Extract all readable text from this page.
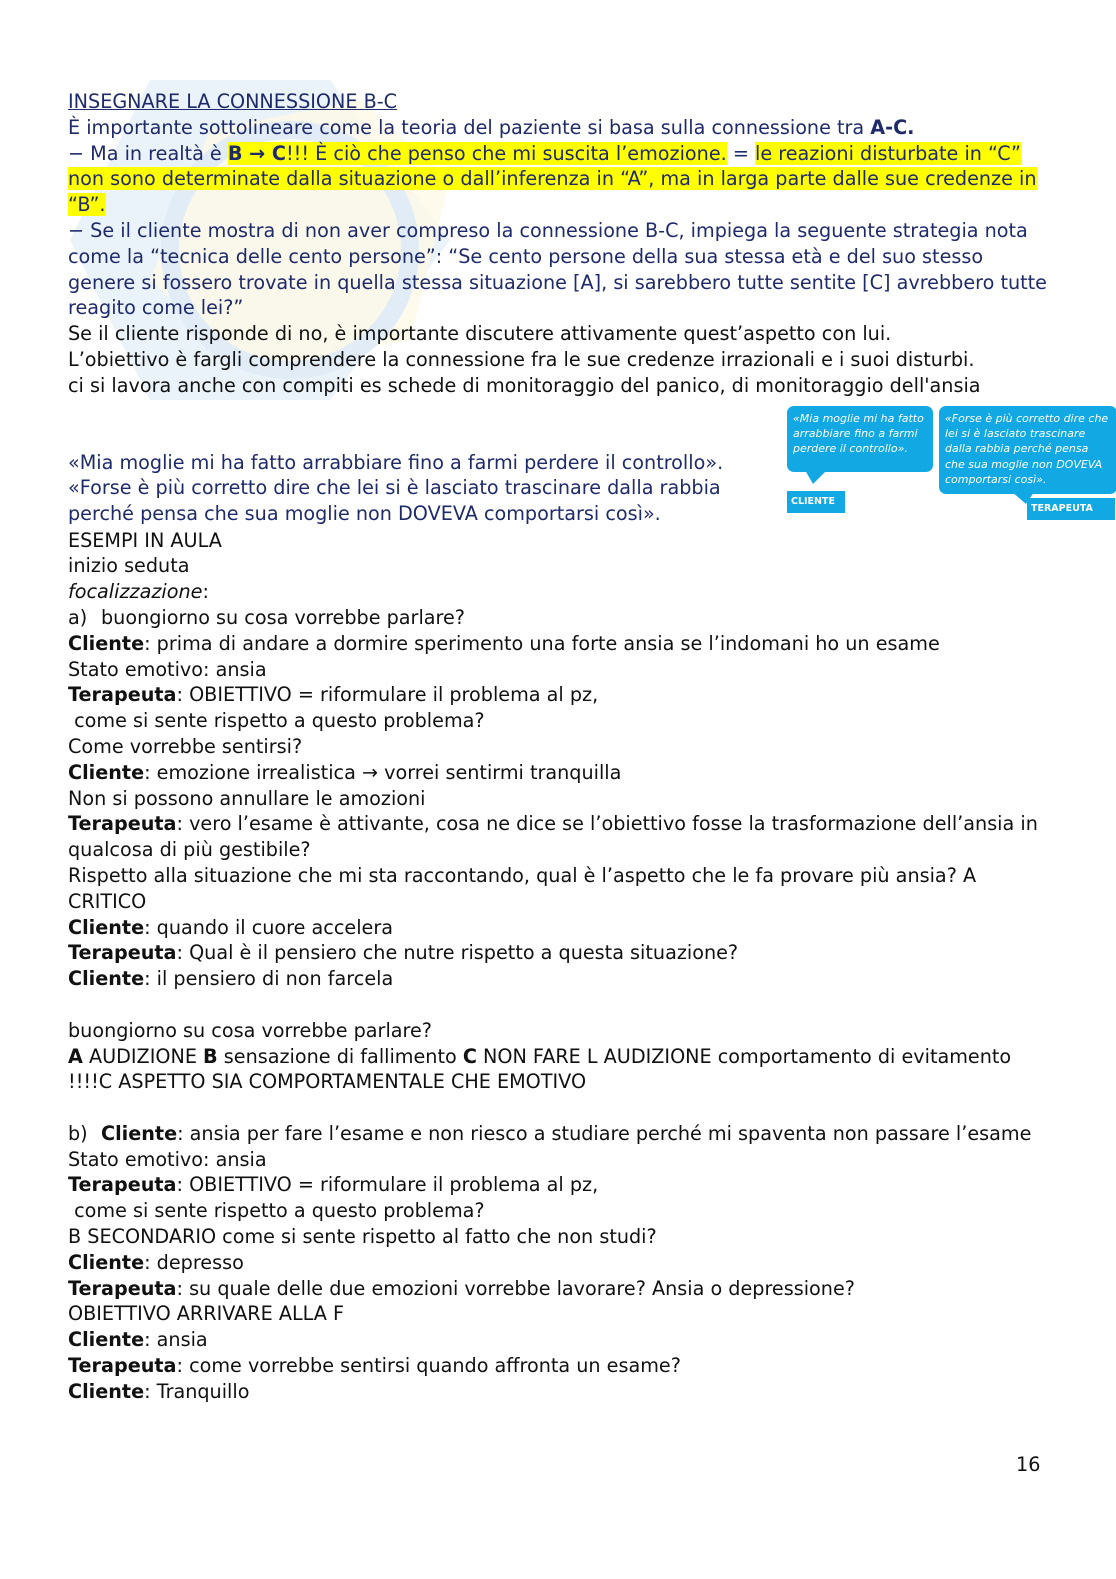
INSEGNARE LA CONNESSIONE B-C

È importante sottolineare come la teoria del paziente si basa sulla connessione tra A-C.

− Ma in realtà è B → C!!! È ciò che penso che mi suscita l’emozione. = le reazioni disturbate in “C” non sono determinate dalla situazione o dall’inferenza in “A”, ma in larga parte dalle sue credenze in “B”.

− Se il cliente mostra di non aver compreso la connessione B-C, impiega la seguente strategia nota come la “tecnica delle cento persone”: “Se cento persone della sua stessa età e del suo stesso genere si fossero trovate in quella stessa situazione [A], si sarebbero tutte sentite [C] avrebbero tutte reagito come lei?”

Se il cliente risponde di no, è importante discutere attivamente quest’aspetto con lui.

L’obiettivo è fargli comprendere la connessione fra le sue credenze irrazionali e i suoi disturbi.

ci si lavora anche con compiti es schede di monitoraggio del panico, di monitoraggio dell'ansia

«Mia moglie mi ha fatto arrabbiare fino a farmi perdere il controllo».

«Forse è più corretto dire che lei si è lasciato trascinare dalla rabbia perché pensa che sua moglie non DOVEVA comportarsi così».

«Mia moglie mi ha fatto arrabbiare fino a farmi perdere il controllo».
«Forse è più corretto dire che lei si è lasciato trascinare dalla rabbia perché pensa che sua moglie non DOVEVA comportarsi così».
CLIENTE
TERAPEUTA

ESEMPI IN AULA

inizio seduta

focalizzazione:

a) buongiorno su cosa vorrebbe parlare?

Cliente: prima di andare a dormire sperimento una forte ansia se l’indomani ho un esame

Stato emotivo: ansia

Terapeuta: OBIETTIVO = riformulare il problema al pz,

come si sente rispetto a questo problema?

Come vorrebbe sentirsi?

Cliente: emozione irrealistica → vorrei sentirmi tranquilla

Non si possono annullare le amozioni

Terapeuta: vero l’esame è attivante, cosa ne dice se l’obiettivo fosse la trasformazione dell’ansia in qualcosa di più gestibile?

Rispetto alla situazione che mi sta raccontando, qual è l’aspetto che le fa provare più ansia? A CRITICO

Cliente: quando il cuore accelera

Terapeuta: Qual è il pensiero che nutre rispetto a questa situazione?

Cliente: il pensiero di non farcela

buongiorno su cosa vorrebbe parlare?

A AUDIZIONE B sensazione di fallimento C NON FARE L AUDIZIONE comportamento di evitamento !!!!C ASPETTO SIA COMPORTAMENTALE CHE EMOTIVO

b) Cliente: ansia per fare l’esame e non riesco a studiare perché mi spaventa non passare l’esame

Stato emotivo: ansia

Terapeuta: OBIETTIVO = riformulare il problema al pz,

come si sente rispetto a questo problema?

B SECONDARIO come si sente rispetto al fatto che non studi?

Cliente: depresso

Terapeuta: su quale delle due emozioni vorrebbe lavorare? Ansia o depressione?

OBIETTIVO ARRIVARE ALLA F

Cliente: ansia

Terapeuta: come vorrebbe sentirsi quando affronta un esame?

Cliente: Tranquillo

16
